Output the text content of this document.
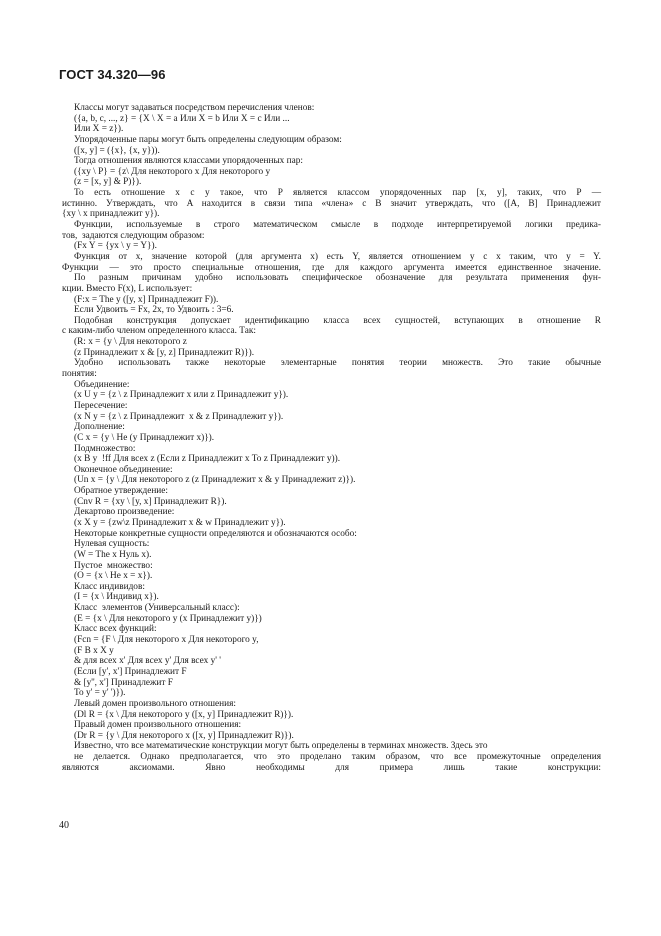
ГОСТ 34.320—96
Классы могут задаваться посредством перечисления членов:
({a, b, c, ..., z} = {X \ X = a Или X = b Или X = c Или ...
Или X = z}).
Упорядоченные пары могут быть определены следующим образом:
([x, y] = ({x}, {x, y})).
Тогда отношения являются классами упорядоченных пар:
({xy \ P} = {z\ Для некоторого x Для некоторого y
(z = [x, y] & P)}).
То есть отношение x с y такое, что P является классом упорядоченных пар [x, y], таких, что P —
истинно. Утверждать, что A находится в связи типа «члена» с B значит утверждать, что ([A, B] Принадлежит
{xy \ x принадлежит y}).
Функции, используемые в строго математическом смысле в подходе интерпретируемой логики предика-
тов,  задаются следующим образом:
(Fx Y = {yx \ y = Y}).
Функция от x, значение которой (для аргумента x) есть Y, является отношением y с x таким, что y = Y.
Функции — это просто специальные отношения, где для каждого аргумента имеется единственное значение.
По разным причинам удобно использовать специфическое обозначение для результата применения фун-
кции. Вместо F(x), L использует:
(F:x = The y ([y, x] Принадлежит F)).
Если Удвоить = Fx, 2x, то Удвоить : 3=6.
Подобная конструкция допускает идентификацию класса всех сущностей, вступающих в отношение R
с каким-либо членом определенного класса. Так:
(R: x = {y \ Для некоторого z
(z Принадлежит x & [y, z] Принадлежит R)}).
Удобно использовать также некоторые элементарные понятия теории множеств. Это такие обычные
понятия:
Объединение:
(x U y = {z \ z Принадлежит x или z Принадлежит y}).
Пересечение:
(x N y = {z \ z Принадлежит  x & z Принадлежит y}).
Дополнение:
(C x = {y \ He (y Принадлежит x)}).
Подмножество:
(x B y  !ff Для всех z (Если z Принадлежит x To z Принадлежит y)).
Оконечное объединение:
(Un x = {y \ Для некоторого z (z Принадлежит x & y Принадлежит z)}).
Обратное утверждение:
(Cnv R = {xy \ [y, x] Принадлежит R}).
Декартово произведение:
(x X y = {zw\z Принадлежит x & w Принадлежит y}).
Некоторые конкретные сущности определяются и обозначаются особо:
Нулевая сущность:
(W = The x Нуль x).
Пустое  множество:
(O = {x \ He x = x}).
Класс индивидов:
(I = {x \ Индивид x}).
Класс  элементов (Универсальный класс):
(E = {x \ Для некоторого y (x Принадлежит y)})
Класс всех функций:
(Fcn = {F \ Для некоторого x Для некоторого y,
(F B x X y
& для всех x' Для всех y' Для всех y' '
(Если [y', x'] Принадлежит F
& [y'', x'] Принадлежит F
То y' = y' ')}).
Левый домен произвольного отношения:
(Dl R = {x \ Для некоторого y ([x, y] Принадлежит R)}).
Правый домен произвольного отношения:
(Dr R = {y \ Для некоторого x ([x, y] Принадлежит R)}).
Известно, что все математические конструкции могут быть определены в терминах множеств. Здесь это
не делается. Однако предполагается, что это проделано таким образом, что все промежуточные определения
являются аксиомами. Явно необходимы для примера лишь такие конструкции:
40
